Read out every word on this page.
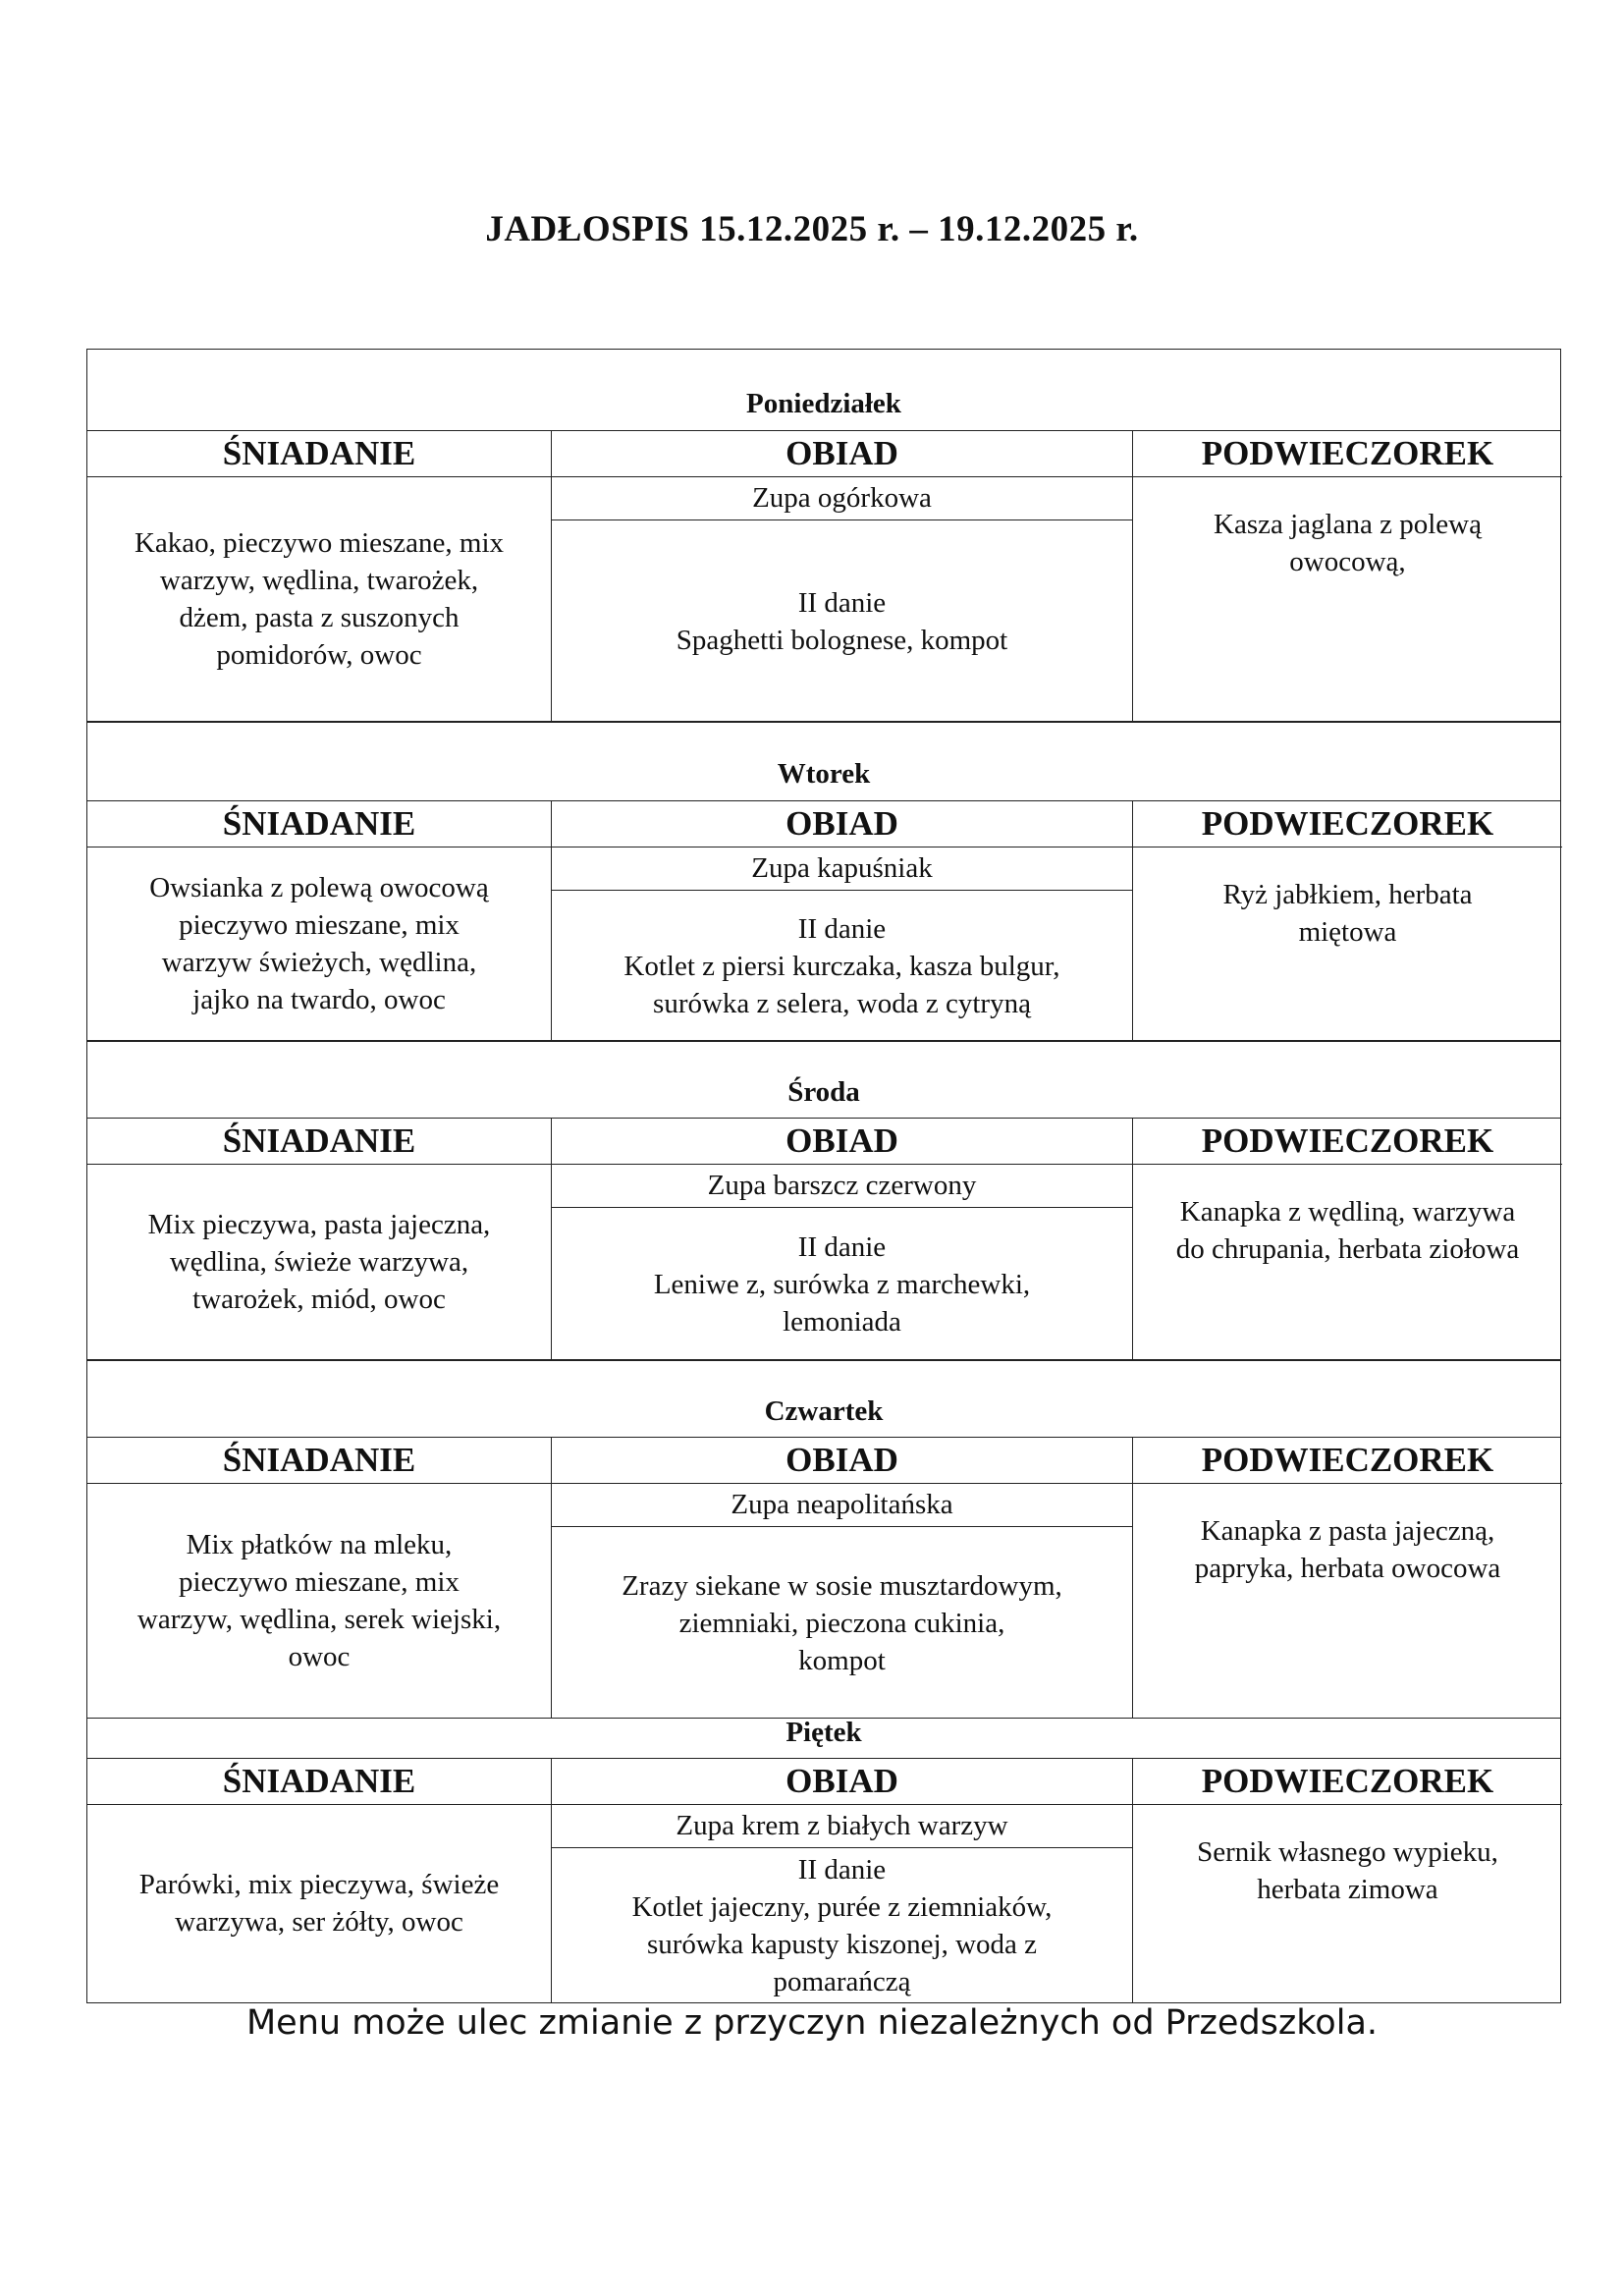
JADŁOSPIS 15.12.2025 r. – 19.12.2025 r.
Poniedziałek
ŚNIADANIE
Kakao, pieczywo mieszane, mix
warzyw, wędlina, twarożek,
dżem, pasta z suszonych
pomidorów, owoc
OBIAD
Zupa ogórkowa
II danie
Spaghetti bolognese, kompot
PODWIECZOREK
Kasza jaglana z polewą
owocową,
Wtorek
ŚNIADANIE
Owsianka z polewą owocową
pieczywo mieszane, mix
warzyw świeżych, wędlina,
jajko na twardo, owoc
OBIAD
Zupa kapuśniak
II danie
Kotlet z piersi kurczaka, kasza bulgur,
surówka z selera, woda z cytryną
PODWIECZOREK
Ryż jabłkiem, herbata
miętowa
Środa
ŚNIADANIE
Mix pieczywa, pasta jajeczna,
wędlina, świeże warzywa,
twarożek, miód, owoc
OBIAD
Zupa barszcz czerwony
II danie
Leniwe z, surówka z marchewki,
lemoniada
PODWIECZOREK
Kanapka z wędliną, warzywa
do chrupania, herbata ziołowa
Czwartek
ŚNIADANIE
Mix płatków na mleku,
pieczywo mieszane, mix
warzyw, wędlina, serek wiejski,
owoc
OBIAD
Zupa neapolitańska
Zrazy siekane w sosie musztardowym,
ziemniaki, pieczona cukinia,
kompot
PODWIECZOREK
Kanapka z pasta jajeczną,
papryka, herbata owocowa
Piętek
ŚNIADANIE
Parówki, mix pieczywa, świeże
warzywa, ser żółty, owoc
OBIAD
Zupa krem z białych warzyw
II danie
Kotlet jajeczny, purée z ziemniaków,
surówka kapusty kiszonej, woda z
pomarańczą
PODWIECZOREK
Sernik własnego wypieku,
herbata zimowa
Menu może ulec zmianie z przyczyn niezależnych od Przedszkola.
